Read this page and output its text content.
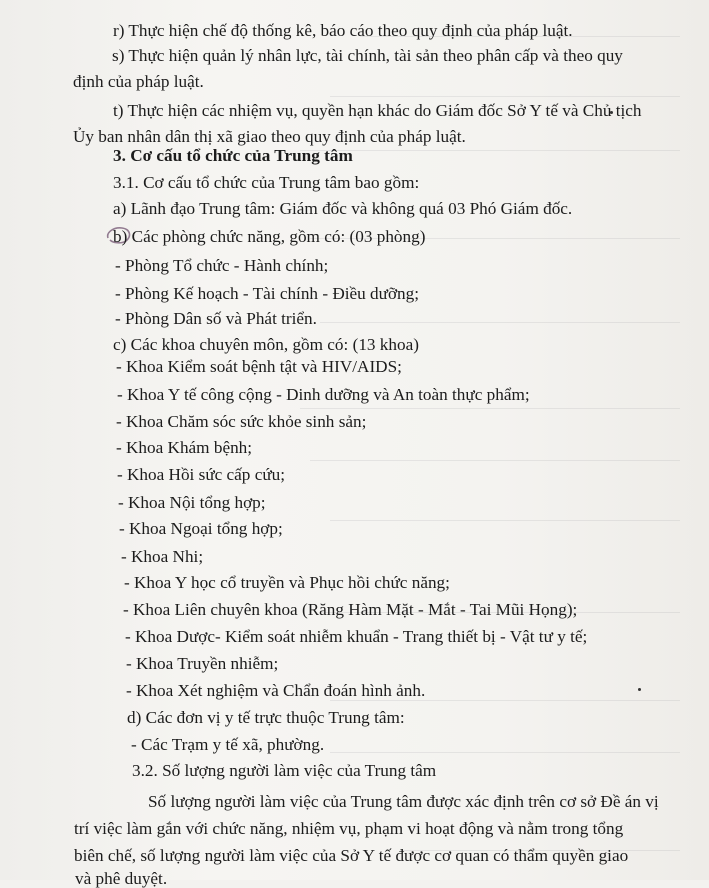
r) Thực hiện chế độ thống kê, báo cáo theo quy định của pháp luật.
s) Thực hiện quản lý nhân lực, tài chính, tài sản theo phân cấp và theo quy
định của pháp luật.
t) Thực hiện các nhiệm vụ, quyền hạn khác do Giám đốc Sở Y tế và Chủ tịch
Ủy ban nhân dân thị xã giao theo quy định của pháp luật.
3. Cơ cấu tổ chức của Trung tâm
3.1. Cơ cấu tổ chức của Trung tâm bao gồm:
a) Lãnh đạo Trung tâm: Giám đốc và không quá 03 Phó Giám đốc.
b) Các phòng chức năng, gồm có: (03 phòng)
- Phòng Tổ chức - Hành chính;
- Phòng Kế hoạch - Tài chính - Điều dưỡng;
- Phòng Dân số và Phát triển.
c) Các khoa chuyên môn, gồm có: (13 khoa)
- Khoa Kiểm soát bệnh tật và HIV/AIDS;
- Khoa Y tế công cộng - Dinh dưỡng và An toàn thực phẩm;
- Khoa Chăm sóc sức khỏe sinh sản;
- Khoa Khám bệnh;
- Khoa Hồi sức cấp cứu;
- Khoa Nội tổng hợp;
- Khoa Ngoại tổng hợp;
- Khoa Nhi;
- Khoa Y học cổ truyền và Phục hồi chức năng;
- Khoa Liên chuyên khoa (Răng Hàm Mặt - Mắt - Tai Mũi Họng);
- Khoa Dược- Kiểm soát nhiễm khuẩn - Trang thiết bị - Vật tư y tế;
- Khoa Truyền nhiễm;
- Khoa Xét nghiệm và Chẩn đoán hình ảnh.
d) Các đơn vị y tế trực thuộc Trung tâm:
- Các Trạm y tế xã, phường.
3.2. Số lượng người làm việc của Trung tâm
Số lượng người làm việc của Trung tâm được xác định trên cơ sở Đề án vị
trí việc làm gắn với chức năng, nhiệm vụ, phạm vi hoạt động và nằm trong tổng
biên chế, số lượng người làm việc của Sở Y tế được cơ quan có thẩm quyền giao
và phê duyệt.
